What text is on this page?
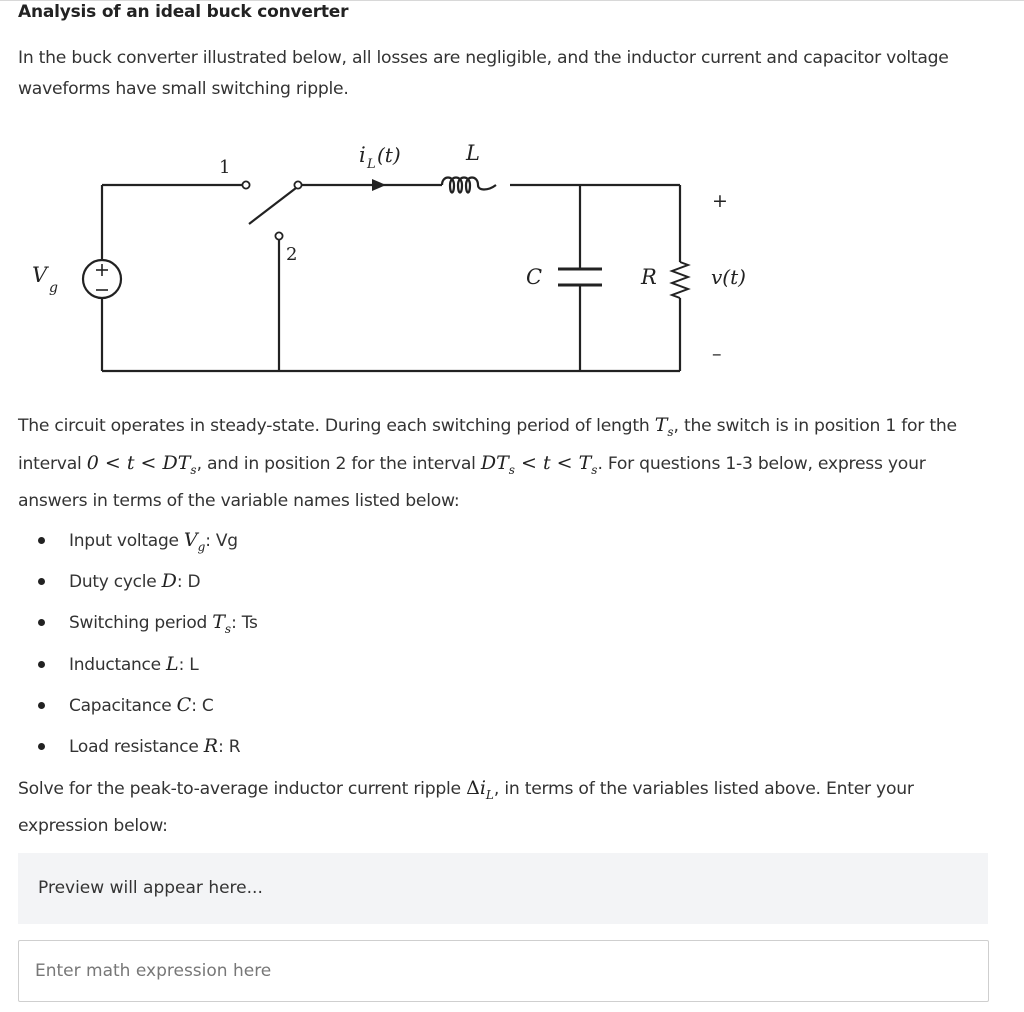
Analysis of an ideal buck converter
In the buck converter illustrated below, all losses are negligible, and the inductor current and capacitor voltage waveforms have small switching ripple.
V
g
1
2
i L (t)	L
C	R	v(t)
+
–
The circuit operates in steady-state. During each switching period of length $T_s$, the switch is in position 1 for the interval $0 < t < DT_s$, and in position 2 for the interval $DT_s < t < T_s$. For questions 1-3 below, express your answers in terms of the variable names listed below:
Input voltage $V_g$: Vg
Duty cycle D: D
Switching period $T_s$: Ts
Inductance L: L
Capacitance C: C
Load resistance R: R
Solve for the peak-to-average inductor current ripple $\Delta i_L$, in terms of the variables listed above. Enter your expression below:
Preview will appear here...
Enter math expression here
